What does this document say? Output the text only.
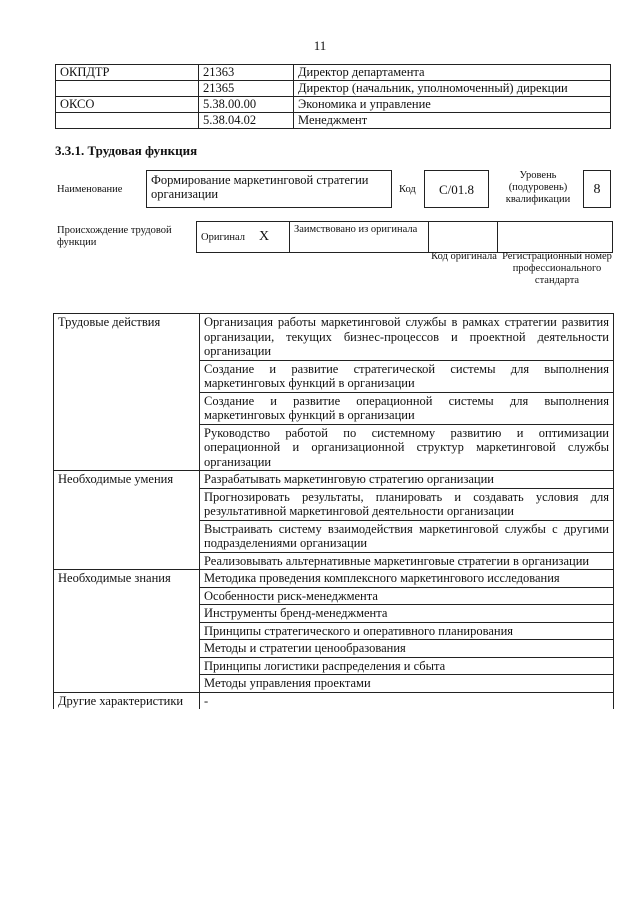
11
ОКПДТР	21363	Директор департамента
	21365	Директор (начальник, уполномоченный) дирекции
ОКСО	5.38.00.00	Экономика и управление
	5.38.04.02	Менеджмент
3.3.1. Трудовая функция
Наименование
Формирование маркетинговой стратегии организации	Код	C/01.8
Уровень (подуровень) квалификации
8
Происхождение трудовой функции	Оригинал X	Заимствовано из оригинала		
Код оригинала Регистрационный номер профессионального стандарта
Трудовые действия	Организация работы маркетинговой службы в рамках стратегии развития организации, текущих бизнес-процессов и проектной деятельности организации
	Создание и развитие стратегической системы для выполнения маркетинговых функций в организации
	Создание и развитие операционной системы для выполнения маркетинговых функций в организации
	Руководство работой по системному развитию и оптимизации операционной и организационной структур маркетинговой службы организации
Необходимые умения	Разрабатывать маркетинговую стратегию организации
	Прогнозировать результаты, планировать и создавать условия для результативной маркетинговой деятельности организации
	Выстраивать систему взаимодействия маркетинговой службы с другими подразделениями организации
	Реализовывать альтернативные маркетинговые стратегии в организации
Необходимые знания	Методика проведения комплексного маркетингового исследования
	Особенности риск-менеджмента
	Инструменты бренд-менеджмента
	Принципы стратегического и оперативного планирования
	Методы и стратегии ценообразования
	Принципы логистики распределения и сбыта
	Методы управления проектами
Другие характеристики	-
